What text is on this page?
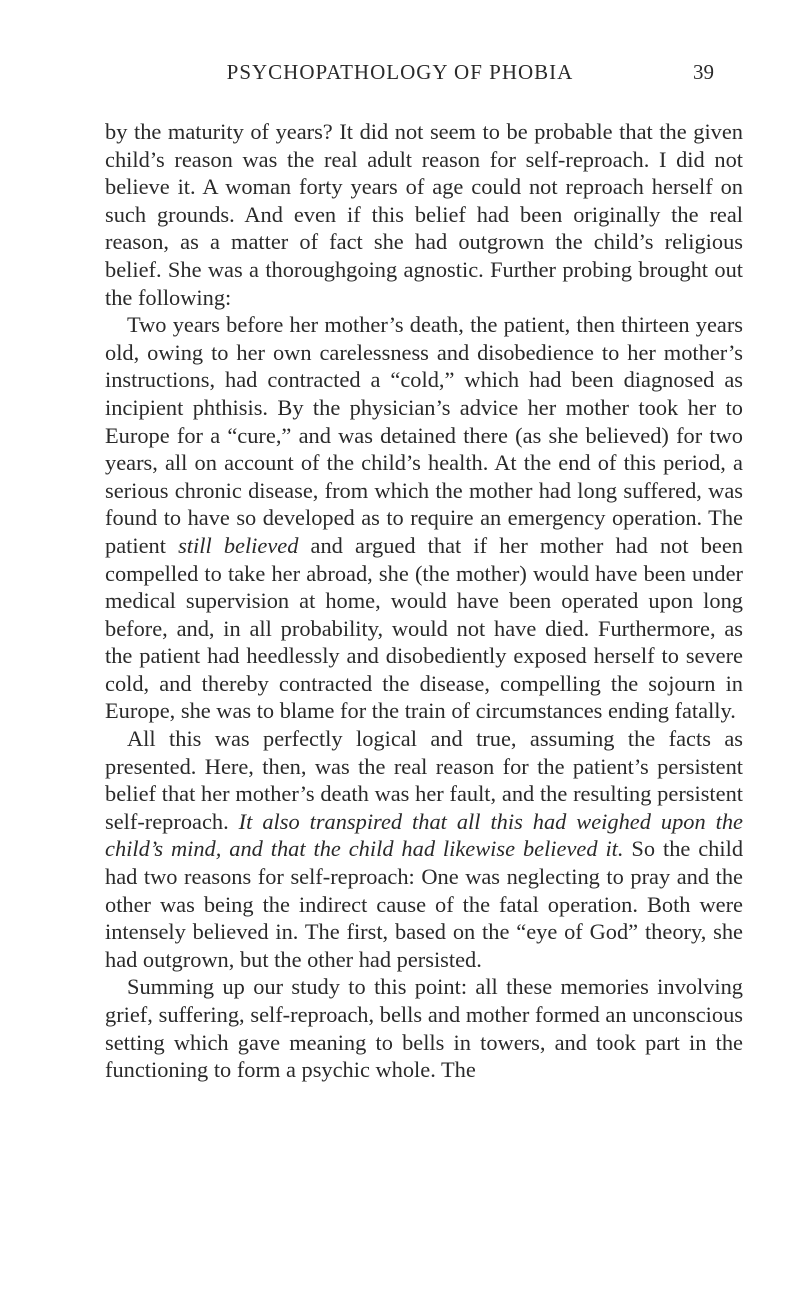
PSYCHOPATHOLOGY OF PHOBIA	39

by the maturity of years? It did not seem to be probable that the given child’s reason was the real adult reason for self-reproach. I did not believe it. A woman forty years of age could not reproach herself on such grounds. And even if this belief had been originally the real reason, as a matter of fact she had outgrown the child’s religious belief. She was a thoroughgoing agnostic. Further probing brought out the following:

Two years before her mother’s death, the patient, then thirteen years old, owing to her own carelessness and disobedience to her mother’s instructions, had contracted a “cold,” which had been diagnosed as incipient phthisis. By the physician’s advice her mother took her to Europe for a “cure,” and was detained there (as she believed) for two years, all on account of the child’s health. At the end of this period, a serious chronic disease, from which the mother had long suffered, was found to have so developed as to require an emergency operation. The patient still believed and argued that if her mother had not been compelled to take her abroad, she (the mother) would have been under medical supervision at home, would have been operated upon long before, and, in all probability, would not have died. Furthermore, as the patient had heedlessly and disobediently exposed herself to severe cold, and thereby contracted the disease, compelling the sojourn in Europe, she was to blame for the train of circumstances ending fatally.

All this was perfectly logical and true, assuming the facts as presented. Here, then, was the real reason for the patient’s persistent belief that her mother’s death was her fault, and the resulting persistent self-reproach. It also transpired that all this had weighed upon the child’s mind, and that the child had likewise believed it. So the child had two reasons for self-reproach: One was neglecting to pray and the other was being the indirect cause of the fatal operation. Both were intensely believed in. The first, based on the “eye of God” theory, she had outgrown, but the other had persisted.

Summing up our study to this point: all these memories involving grief, suffering, self-reproach, bells and mother formed an unconscious setting which gave meaning to bells in towers, and took part in the functioning to form a psychic whole. The
